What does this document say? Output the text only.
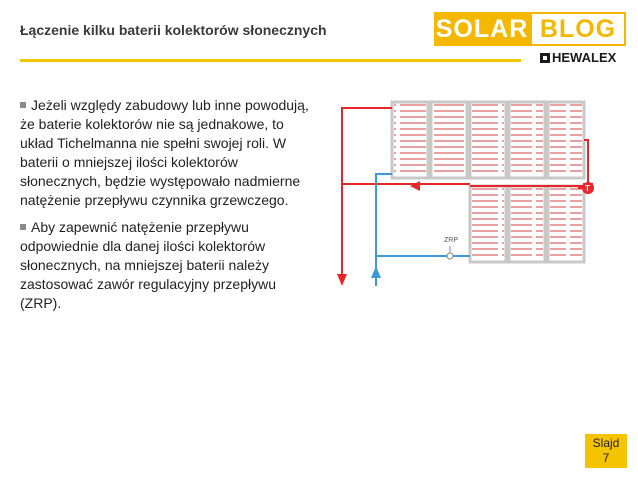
Łączenie kilku baterii kolektorów słonecznych	SOLAR BLOG
HEWALEX

Jeżeli względy zabudowy lub inne powodują, że baterie kolektorów nie są jednakowe, to układ Tichelmanna nie spełni swojej roli. W baterii o mniejszej ilości kolektorów słonecznych, będzie występowało nadmierne natężenie przepływu czynnika grzewczego.

Aby zapewnić natężenie przepływu odpowiednie dla danej ilości kolektorów słonecznych, na mniejszej baterii należy zastosować zawór regulacyjny przepływu (ZRP).

ZRP
T
Slajd
7
